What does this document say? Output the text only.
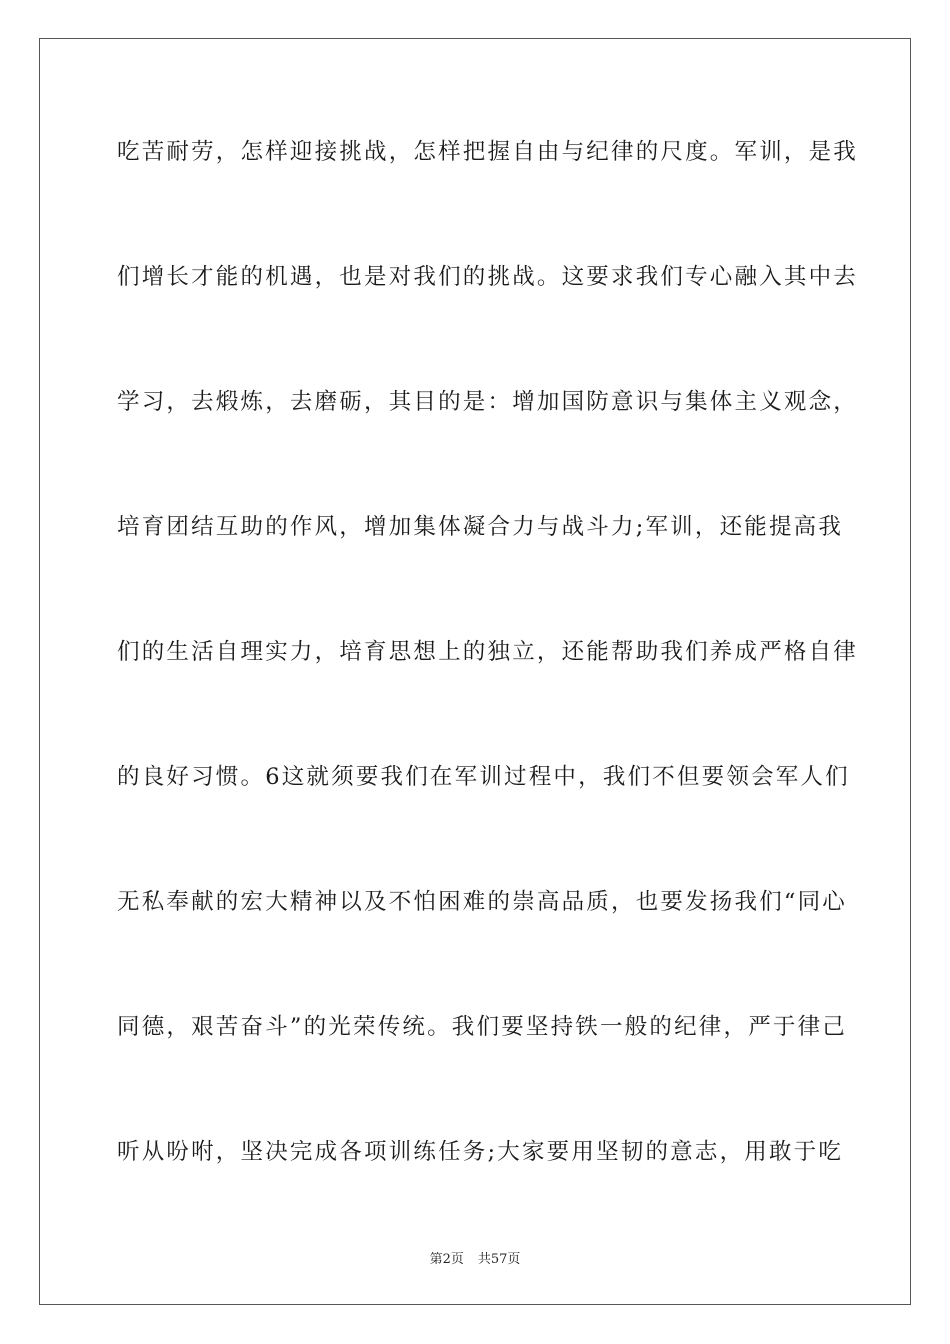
吃苦耐劳，怎样迎接挑战，怎样把握自由与纪律的尺度。军训，是我
们增长才能的机遇，也是对我们的挑战。这要求我们专心融入其中去
学习，去煅炼，去磨砺，其目的是：增加国防意识与集体主义观念，
培育团结互助的作风，增加集体凝合力与战斗力;军训，还能提高我
们的生活自理实力，培育思想上的独立，还能帮助我们养成严格自律
的良好习惯。6这就须要我们在军训过程中，我们不但要领会军人们
无私奉献的宏大精神以及不怕困难的崇高品质，也要发扬我们“同心
同德，艰苦奋斗”的光荣传统。我们要坚持铁一般的纪律，严于律己
听从吩咐，坚决完成各项训练任务;大家要用坚韧的意志，用敢于吃
第2页 共57页
